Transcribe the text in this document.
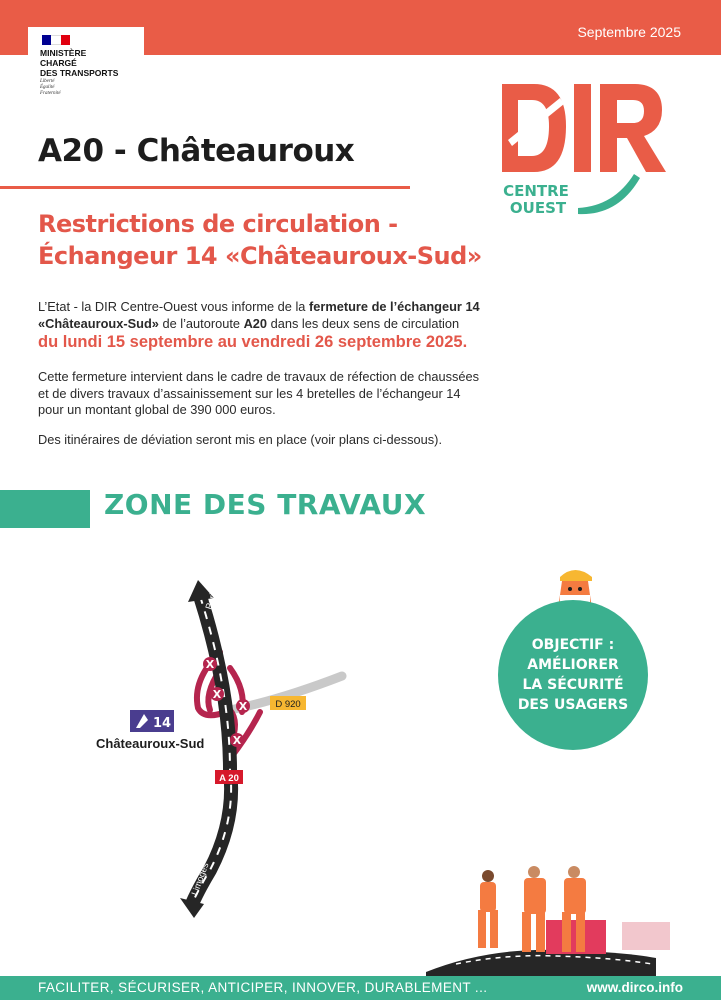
Septembre 2025
MINISTÈRE
CHARGÉ
DES TRANSPORTS
Liberté
Égalité
Fraternité
A20 - Châteauroux
CENTRE
OUEST
Restrictions de circulation -
Échangeur 14 «Châteauroux-Sud»
L’Etat - la DIR Centre-Ouest vous informe de la fermeture de l’échangeur 14
«Châteauroux-Sud» de l’autoroute A20 dans les deux sens de circulation
du lundi 15 septembre au vendredi 26 septembre 2025.
Cette fermeture intervient dans le cadre de travaux de réfection de chaussées
et de divers travaux d’assainissement sur les 4 bretelles de l’échangeur 14
pour un montant global de 390 000 euros.
Des itinéraires de déviation seront mis en place (voir plans ci-dessous).
ZONE DES TRAVAUX
Paris
Limoges
X
X
X
X
D 920
A 20
14
Châteauroux-Sud
OBJECTIF :
AMÉLIORER
LA SÉCURITÉ
DES USAGERS
FACILITER, SÉCURISER, ANTICIPER, INNOVER, DURABLEMENT ...	www.dirco.info
